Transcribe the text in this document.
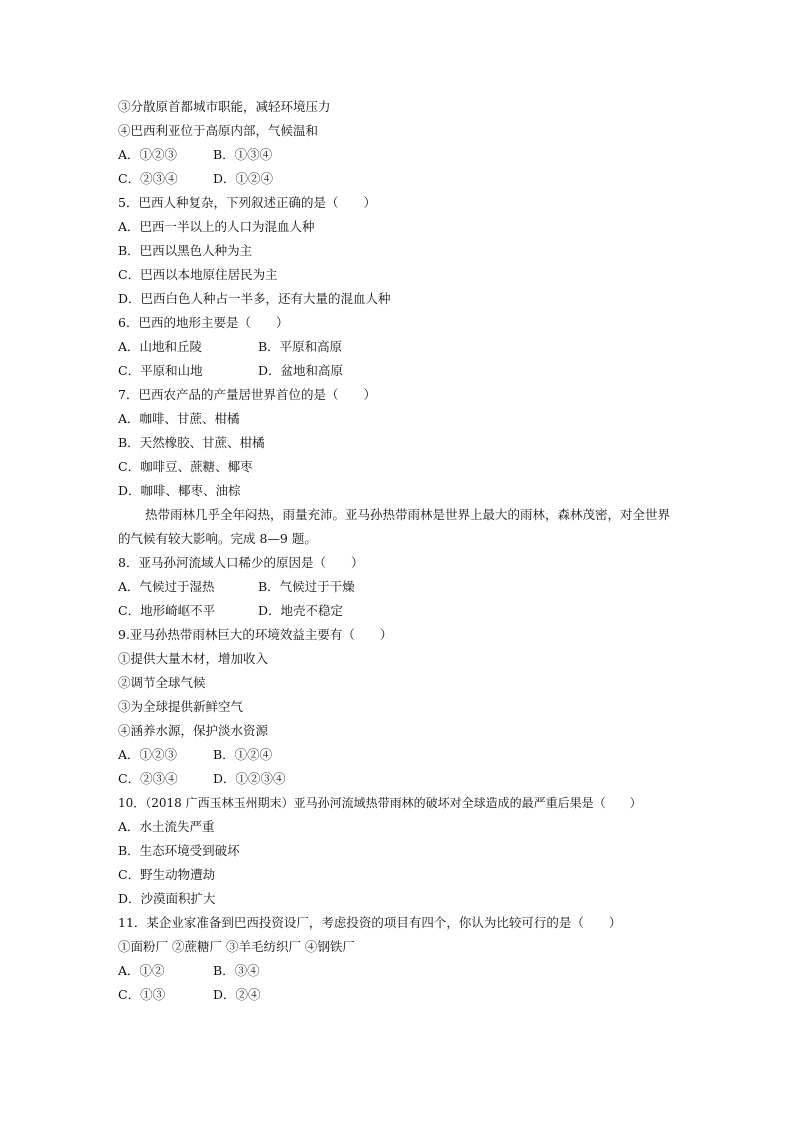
③分散原首都城市职能，减轻环境压力
④巴西利亚位于高原内部，气候温和
A．①②③	B．①③④
C．②③④	D．①②④
5．巴西人种复杂，下列叙述正确的是（　　）
A．巴西一半以上的人口为混血人种
B．巴西以黑色人种为主
C．巴西以本地原住居民为主
D．巴西白色人种占一半多，还有大量的混血人种
6．巴西的地形主要是（　　）
A．山地和丘陵	B．平原和高原
C．平原和山地	D．盆地和高原
7．巴西农产品的产量居世界首位的是（　　）
A．咖啡、甘蔗、柑橘
B．天然橡胶、甘蔗、柑橘
C．咖啡豆、蔗糖、椰枣
D．咖啡、椰枣、油棕
热带雨林几乎全年闷热，雨量充沛。亚马孙热带雨林是世界上最大的雨林，森林茂密，对全世界
的气候有较大影响。完成 8—9 题。
8．亚马孙河流域人口稀少的原因是（　　）
A．气候过于湿热	B．气候过于干燥
C．地形崎岖不平	D．地壳不稳定
9.亚马孙热带雨林巨大的环境效益主要有（　　）
①提供大量木材，增加收入
②调节全球气候
③为全球提供新鲜空气
④涵养水源，保护淡水资源
A．①②③	B．①②④
C．②③④	D．①②③④
10．（2018 广西玉林玉州期末）亚马孙河流域热带雨林的破坏对全球造成的最严重后果是（　　）
A．水土流失严重
B．生态环境受到破坏
C．野生动物遭劫
D．沙漠面积扩大
11．某企业家准备到巴西投资设厂，考虑投资的项目有四个，你认为比较可行的是（　　）
①面粉厂 ②蔗糖厂 ③羊毛纺织厂 ④钢铁厂
A．①②	B．③④
C．①③	D．②④
